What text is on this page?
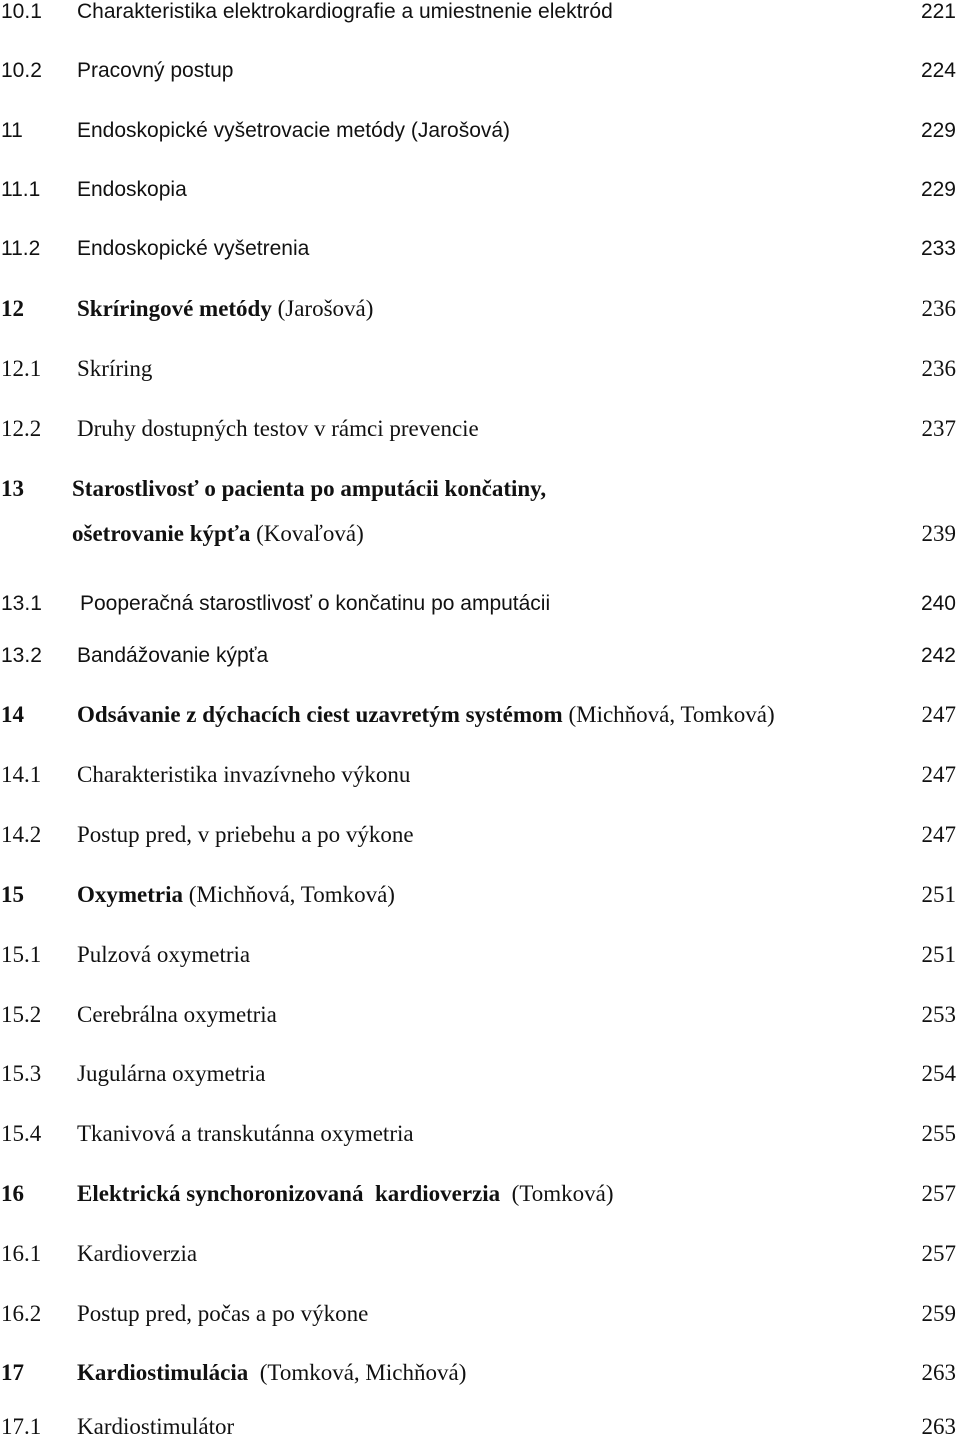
10.1 Charakteristika elektrokardiografie a umiestnenie elektród	221
10.2 Pracovný postup	224
11	Endoskopické vyšetrovacie metódy (Jarošová)	229
11.1 Endoskopia	229
11.2 Endoskopické vyšetrenia	233
12 Skríringové metódy (Jarošová)	236
12.1 Skríring	236
12.2 Druhy dostupných testov v rámci prevencie	237
13 Starostlivosť o pacienta po amputácii končatiny,
ošetrovanie kýpťa (Kovaľová)	239
13.1 Pooperačná starostlivosť o končatinu po amputácii	240
13.2 Bandážovanie kýpťa	242
14 Odsávanie z dýchacích ciest uzavretým systémom (Michňová, Tomková)	247
14.1 Charakteristika invazívneho výkonu	247
14.2 Postup pred, v priebehu a po výkone	247
15 Oxymetria (Michňová, Tomková)	251
15.1 Pulzová oxymetria	251
15.2 Cerebrálna oxymetria	253
15.3 Jugulárna oxymetria	254
15.4 Tkanivová a transkutánna oxymetria	255
16 Elektrická synchoronizovaná  kardioverzia (Tomková)	257
16.1 Kardioverzia	257
16.2 Postup pred, počas a po výkone	259
17 Kardiostimulácia (Tomková, Michňová)	263
17.1 Kardiostimulátor	263
